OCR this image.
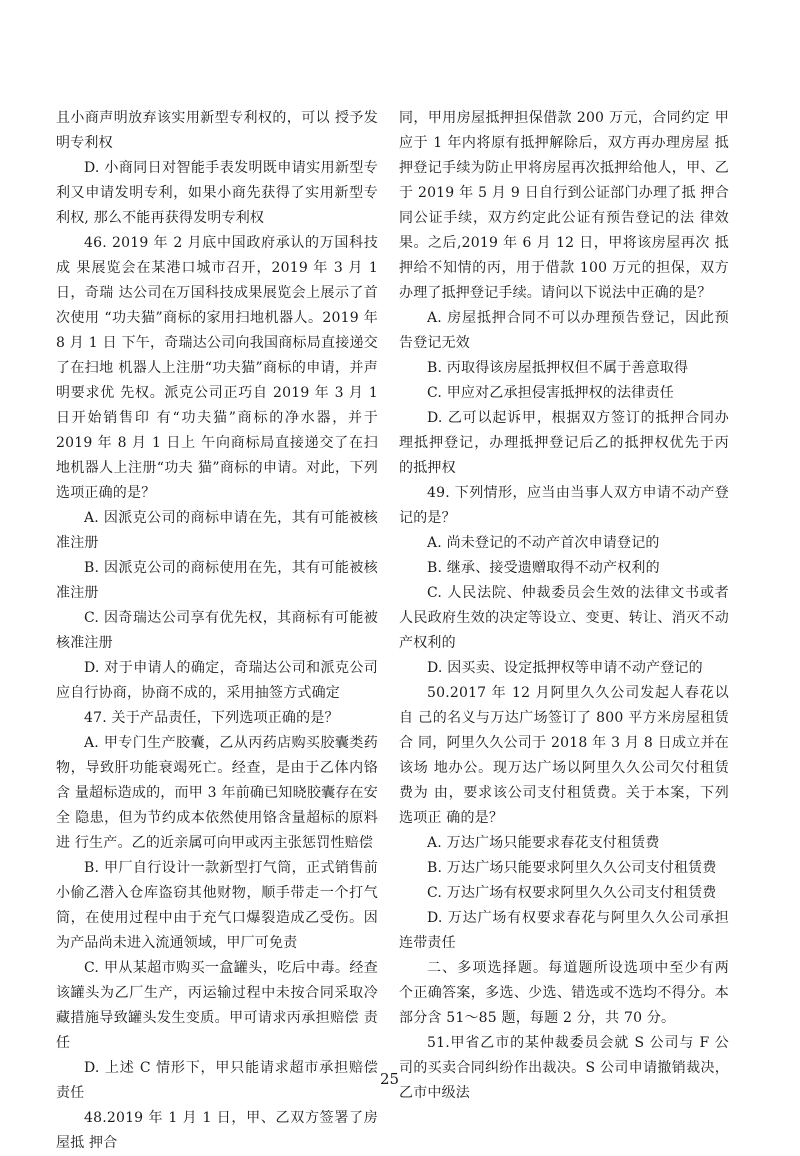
且小商声明放弃该实用新型专利权的，可以 授予发明专利权

D. 小商同日对智能手表发明既申请实用新型专 利又申请发明专利，如果小商先获得了实用新型专 利权, 那么不能再获得发明专利权

46. 2019 年 2 月底中国政府承认的万国科技成 果展览会在某港口城市召开，2019 年 3 月 1 日，奇瑞 达公司在万国科技成果展览会上展示了首次使用 “功夫猫”商标的家用扫地机器人。2019 年 8 月 1 日 下午，奇瑞达公司向我国商标局直接递交了在扫地 机器人上注册“功夫猫”商标的申请，并声明要求优 先权。派克公司正巧自 2019 年 3 月 1 日开始销售印 有“功夫猫”商标的净水器，并于 2019 年 8 月 1 日上 午向商标局直接递交了在扫地机器人上注册“功夫 猫”商标的申请。对此，下列选项正确的是？

A. 因派克公司的商标申请在先，其有可能被核 准注册

B. 因派克公司的商标使用在先，其有可能被核 准注册

C. 因奇瑞达公司享有优先权，其商标有可能被 核准注册

D. 对于申请人的确定，奇瑞达公司和派克公司 应自行协商，协商不成的，采用抽签方式确定

47. 关于产品责任，下列选项正确的是？

A. 甲专门生产胶囊，乙从丙药店购买胶囊类药 物，导致肝功能衰竭死亡。经查，是由于乙体内铬含 量超标造成的，而甲 3 年前确已知晓胶囊存在安全 隐患，但为节约成本依然使用铬含量超标的原料进 行生产。乙的近亲属可向甲或丙主张惩罚性赔偿

B. 甲厂自行设计一款新型打气筒，正式销售前 小偷乙潜入仓库盗窃其他财物，顺手带走一个打气 筒，在使用过程中由于充气口爆裂造成乙受伤。因 为产品尚未进入流通领域，甲厂可免责

C. 甲从某超市购买一盒罐头，吃后中毒。经查 该罐头为乙厂生产，丙运输过程中未按合同采取冷 藏措施导致罐头发生变质。甲可请求丙承担赔偿 责任

D. 上述 C 情形下，甲只能请求超市承担赔偿 责任

48.2019 年 1 月 1 日，甲、乙双方签署了房屋抵 押合

同，甲用房屋抵押担保借款 200 万元，合同约定 甲应于 1 年内将原有抵押解除后，双方再办理房屋 抵押登记手续为防止甲将房屋再次抵押给他人，甲、乙于 2019 年 5 月 9 日自行到公证部门办理了抵 押合同公证手续，双方约定此公证有预告登记的法 律效果。之后,2019 年 6 月 12 日，甲将该房屋再次 抵押给不知情的丙，用于借款 100 万元的担保，双方 办理了抵押登记手续。请问以下说法中正确的是？

A. 房屋抵押合同不可以办理预告登记，因此预 告登记无效

B. 丙取得该房屋抵押权但不属于善意取得

C. 甲应对乙承担侵害抵押权的法律责任

D. 乙可以起诉甲，根据双方签订的抵押合同办 理抵押登记，办理抵押登记后乙的抵押权优先于丙 的抵押权

49. 下列情形，应当由当事人双方申请不动产登 记的是？

A. 尚未登记的不动产首次申请登记的

B. 继承、接受遗赠取得不动产权利的

C. 人民法院、仲裁委员会生效的法律文书或者 人民政府生效的决定等设立、变更、转让、消灭不动 产权利的

D. 因买卖、设定抵押权等申请不动产登记的

50.2017 年 12 月阿里久久公司发起人春花以自 己的名义与万达广场签订了 800 平方米房屋租赁合 同，阿里久久公司于 2018 年 3 月 8 日成立并在该场 地办公。现万达广场以阿里久久公司欠付租赁费为 由，要求该公司支付租赁费。关于本案，下列选项正 确的是？

A. 万达广场只能要求春花支付租赁费

B. 万达广场只能要求阿里久久公司支付租赁费

C. 万达广场有权要求阿里久久公司支付租赁费

D. 万达广场有权要求春花与阿里久久公司承担 连带责任

二、多项选择题。每道题所设选项中至少有两 个正确答案，多选、少选、错选或不选均不得分。本 部分含 51～85 题，每题 2 分，共 70 分。

51.甲省乙市的某仲裁委员会就 S 公司与 F 公 司的买卖合同纠纷作出裁决。S 公司申请撤销裁决，乙市中级法

25
